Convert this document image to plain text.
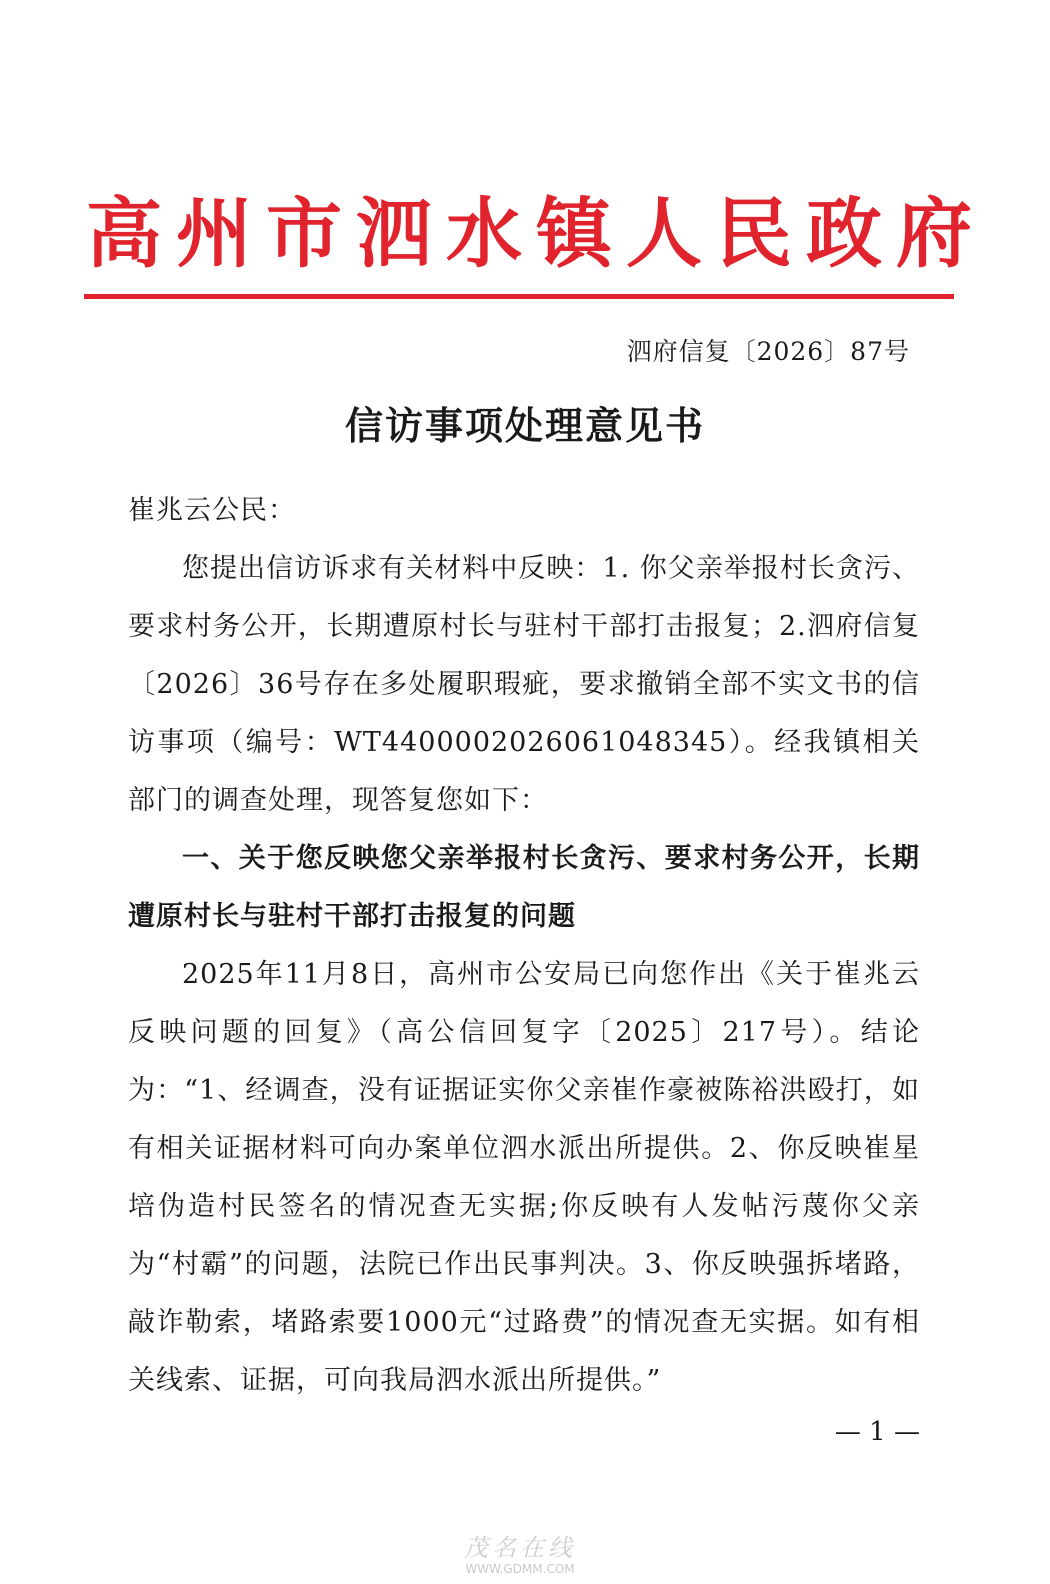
高州市泗水镇人民政府
泗府信复〔2026〕87号
信访事项处理意见书

崔兆云公民：

您提出信访诉求有关材料中反映：1. 你父亲举报村长贪污、要求村务公开，长期遭原村长与驻村干部打击报复；2.泗府信复〔2026〕36号存在多处履职瑕疵，要求撤销全部不实文书的信访事项（编号：WT4400002026061048345）。经我镇相关部门的调查处理，现答复您如下：

一、关于您反映您父亲举报村长贪污、要求村务公开，长期遭原村长与驻村干部打击报复的问题

2025年11月8日，高州市公安局已向您作出《关于崔兆云反映问题的回复》（高公信回复字〔2025〕217号）。结论为：“1、经调查，没有证据证实你父亲崔作豪被陈裕洪殴打，如有相关证据材料可向办案单位泗水派出所提供。2、你反映崔星培伪造村民签名的情况查无实据;你反映有人发帖污蔑你父亲为“村霸”的问题，法院已作出民事判决。3、你反映强拆堵路，敲诈勒索，堵路索要1000元“过路费”的情况查无实据。如有相关线索、证据，可向我局泗水派出所提供。”

— 1 —
茂名在线
WWW.GDMM.COM
